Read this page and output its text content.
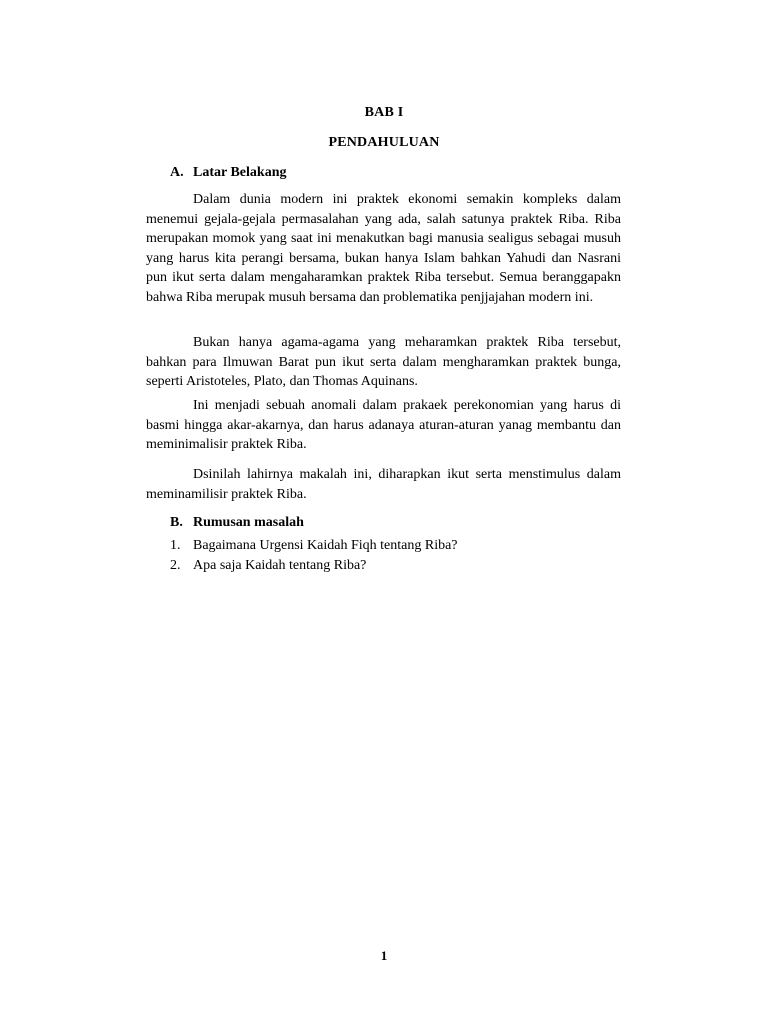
BAB I
PENDAHULUAN
A. Latar Belakang

Dalam dunia modern ini praktek ekonomi semakin kompleks dalam menemui gejala-gejala permasalahan yang ada, salah satunya praktek Riba. Riba merupakan momok yang saat ini menakutkan bagi manusia sealigus sebagai musuh yang harus kita perangi bersama, bukan hanya Islam bahkan Yahudi dan Nasrani pun ikut serta dalam mengaharamkan praktek Riba tersebut. Semua beranggapakn bahwa Riba merupak musuh bersama dan problematika penjjajahan modern ini.

Bukan hanya agama-agama yang meharamkan praktek Riba tersebut, bahkan para Ilmuwan Barat pun ikut serta dalam mengharamkan praktek bunga, seperti Aristoteles, Plato, dan Thomas Aquinans.

Ini menjadi sebuah anomali dalam prakaek perekonomian yang harus di basmi hingga akar-akarnya, dan harus adanaya aturan-aturan yanag membantu dan meminimalisir praktek Riba.

Dsinilah lahirnya makalah ini, diharapkan ikut serta menstimulus dalam meminamilisir praktek Riba.

B. Rumusan masalah
1. Bagaimana Urgensi Kaidah Fiqh tentang Riba?
2. Apa saja Kaidah tentang Riba?
1
